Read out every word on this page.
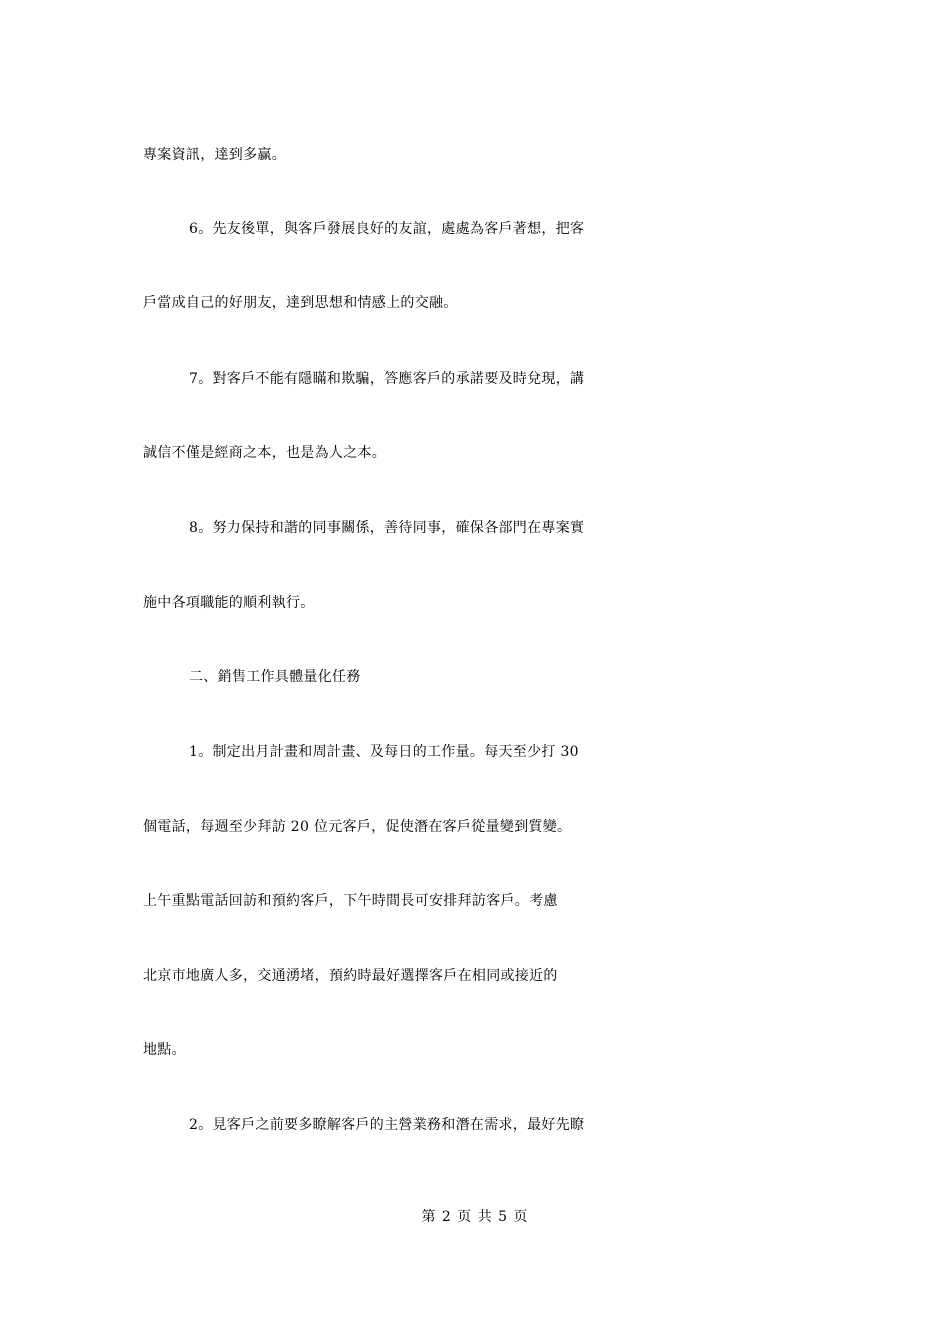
專案資訊，達到多贏。
6。先友後單，與客戶發展良好的友誼，處處為客戶著想，把客
戶當成自己的好朋友，達到思想和情感上的交融。
7。對客戶不能有隱瞞和欺騙，答應客戶的承諾要及時兌現，講
誠信不僅是經商之本，也是為人之本。
8。努力保持和諧的同事關係，善待同事，確保各部門在專案實
施中各項職能的順利執行。
二、銷售工作具體量化任務
1。制定出月計畫和周計畫、及每日的工作量。每天至少打 30
個電話，每週至少拜訪 20 位元客戶，促使潛在客戶從量變到質變。
上午重點電話回訪和預約客戶，下午時間長可安排拜訪客戶。考慮
北京市地廣人多，交通湧堵，預約時最好選擇客戶在相同或接近的
地點。
2。見客戶之前要多瞭解客戶的主營業務和潛在需求，最好先瞭
第 2 页 共 5 页
